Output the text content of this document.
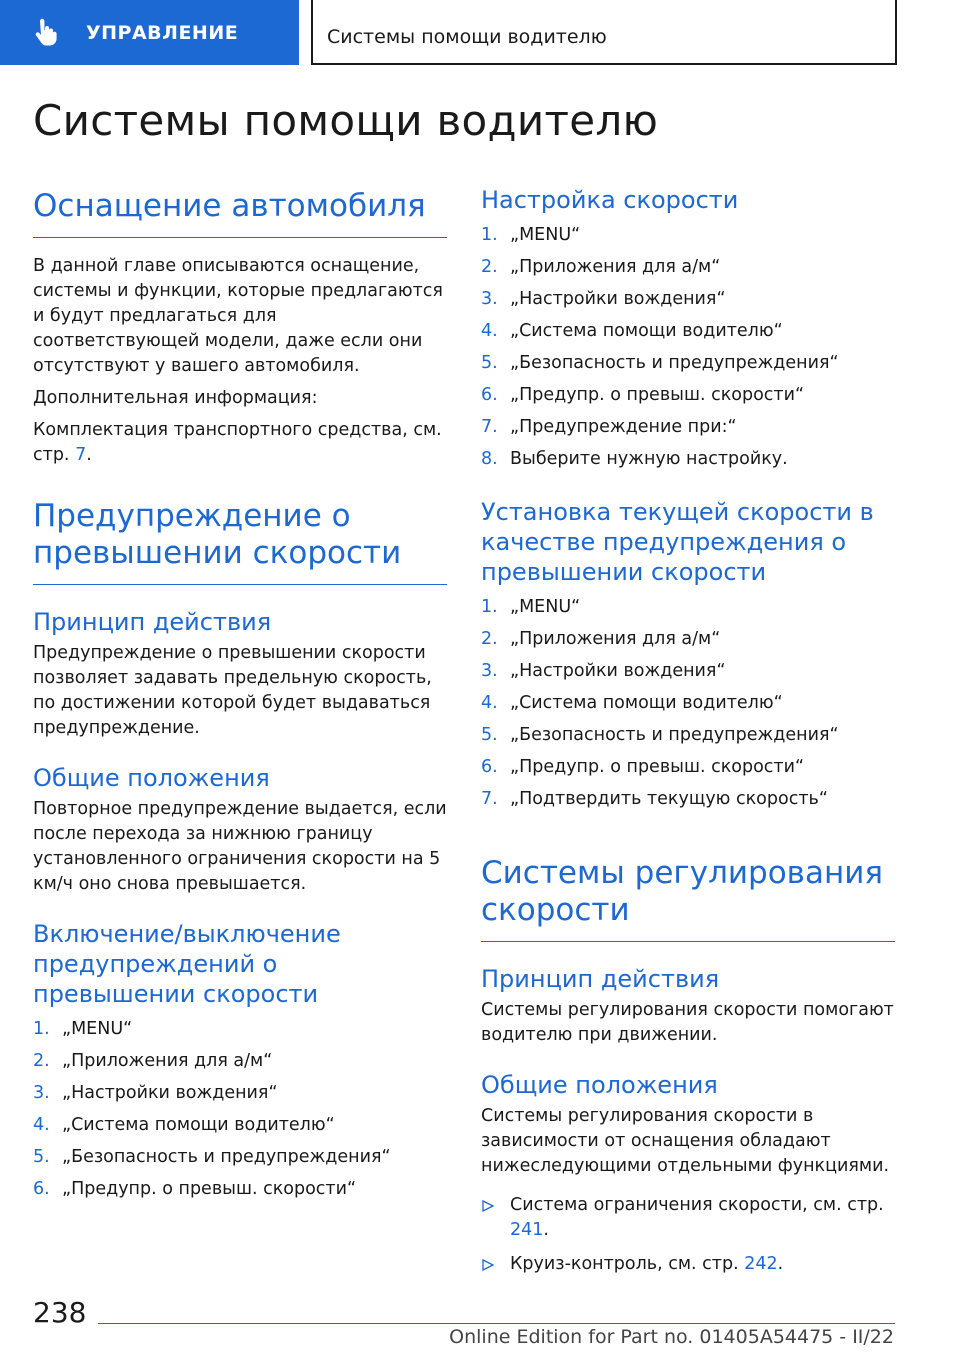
УПРАВЛЕНИЕ	Системы помощи водителю
Системы помощи водителю
Оснащение автомобиля

В данной главе описываются оснащение, системы и функции, которые предлагаются и будут предлагаться для соответствующей модели, даже если они отсутствуют у вашего автомобиля.

Дополнительная информация:

Комплектация транспортного средства, см. стр. 7.

Предупреждение о превышении скорости
Принцип действия

Предупреждение о превышении скорости позволяет задавать предельную скорость, по достижении которой будет выдаваться предупреждение.

Общие положения

Повторное предупреждение выдается, если после перехода за нижнюю границу установленного ограничения скорости на 5 км/ч оно снова превышается.

Включение/выключение предупреждений о превышении скорости
1. „MENU“
2. „Приложения для а/м“
3. „Настройки вождения“
4. „Система помощи водителю“
5. „Безопасность и предупреждения“
6. „Предупр. о превыш. скорости“
Настройка скорости
1. „MENU“
2. „Приложения для а/м“
3. „Настройки вождения“
4. „Система помощи водителю“
5. „Безопасность и предупреждения“
6. „Предупр. о превыш. скорости“
7. „Предупреждение при:“
8. Выберите нужную настройку.
Установка текущей скорости в качестве предупреждения о превышении скорости
1. „MENU“
2. „Приложения для а/м“
3. „Настройки вождения“
4. „Система помощи водителю“
5. „Безопасность и предупреждения“
6. „Предупр. о превыш. скорости“
7. „Подтвердить текущую скорость“
Системы регулирования скорости
Принцип действия

Системы регулирования скорости помогают водителю при движении.

Общие положения

Системы регулирования скорости в зависимости от оснащения обладают нижеследующими отдельными функциями.

Система ограничения скорости, см. стр. 241.
Круиз-контроль, см. стр. 242.
238
Online Edition for Part no. 01405A54475 - II/22
